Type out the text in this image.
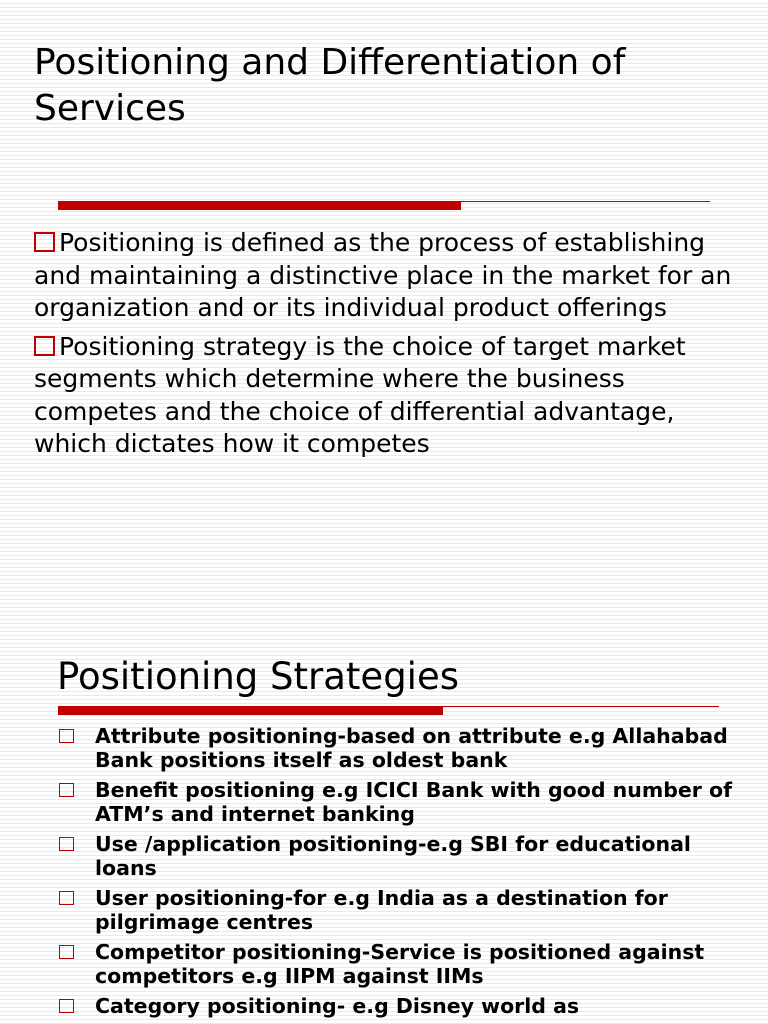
Positioning and Differentiation of Services
Positioning is defined as the process of establishing and maintaining a distinctive place in the market for an organization and or its individual product offerings
Positioning strategy is the choice of target market segments which determine where the business competes and the choice of differential advantage, which dictates how it competes
Positioning Strategies
Attribute positioning-based on attribute e.g Allahabad Bank positions itself as oldest bank
Benefit positioning e.g ICICI Bank with good number of ATM’s and internet banking
Use /application positioning-e.g SBI for educational loans
User positioning-for e.g India as a destination for pilgrimage centres
Competitor positioning-Service is positioned against competitors e.g IIPM against IIMs
Category positioning- e.g Disney world as
